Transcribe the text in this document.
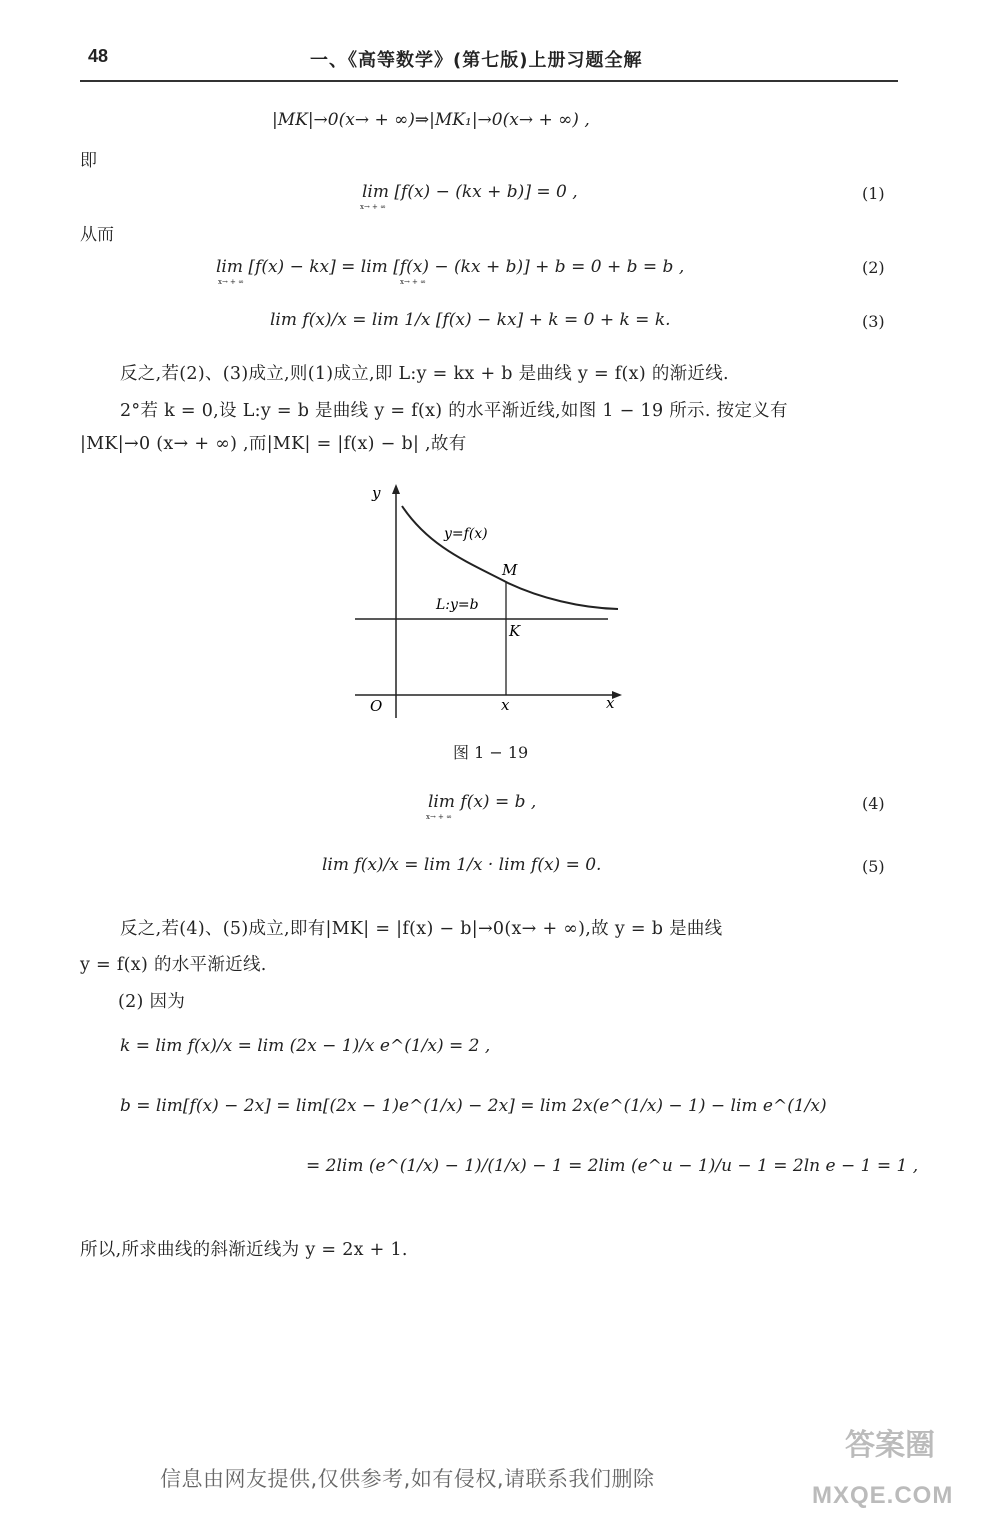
48	一、《高等数学》(第七版)上册习题全解
|MK|→0(x→ + ∞)⇒|MK₁|→0(x→ + ∞) ,
即
lim [f(x) − (kx + b)] = 0 ,
x→ + ∞
(1)
从而
lim [f(x) − kx] = lim [f(x) − (kx + b)] + b = 0 + b = b ,
x→ + ∞	x→ + ∞
(2)
lim f(x)/x = lim 1/x [f(x) − kx] + k = 0 + k = k.	(3)
反之,若(2)、(3)成立,则(1)成立,即 L:y = kx + b 是曲线 y = f(x) 的渐近线.
2°若 k = 0,设 L:y = b 是曲线 y = f(x) 的水平渐近线,如图 1 − 19 所示. 按定义有
|MK|→0 (x→ + ∞) ,而|MK| = |f(x) − b| ,故有
y
x
O
y=f(x)
L:y=b
M
K
x
图 1 − 19
lim f(x) = b ,
x→ + ∞
(4)
lim f(x)/x = lim 1/x · lim f(x) = 0.	(5)
反之,若(4)、(5)成立,即有|MK| = |f(x) − b|→0(x→ + ∞),故 y = b 是曲线
y = f(x) 的水平渐近线.
(2) 因为
k = lim f(x)/x = lim (2x − 1)/x e^(1/x) = 2 ,
b = lim[f(x) − 2x] = lim[(2x − 1)e^(1/x) − 2x] = lim 2x(e^(1/x) − 1) − lim e^(1/x)
= 2lim (e^(1/x) − 1)/(1/x) − 1 = 2lim (e^u − 1)/u − 1 = 2ln e − 1 = 1 ,
所以,所求曲线的斜渐近线为 y = 2x + 1.
信息由网友提供,仅供参考,如有侵权,请联系我们删除
答案圈
MXQE.COM
